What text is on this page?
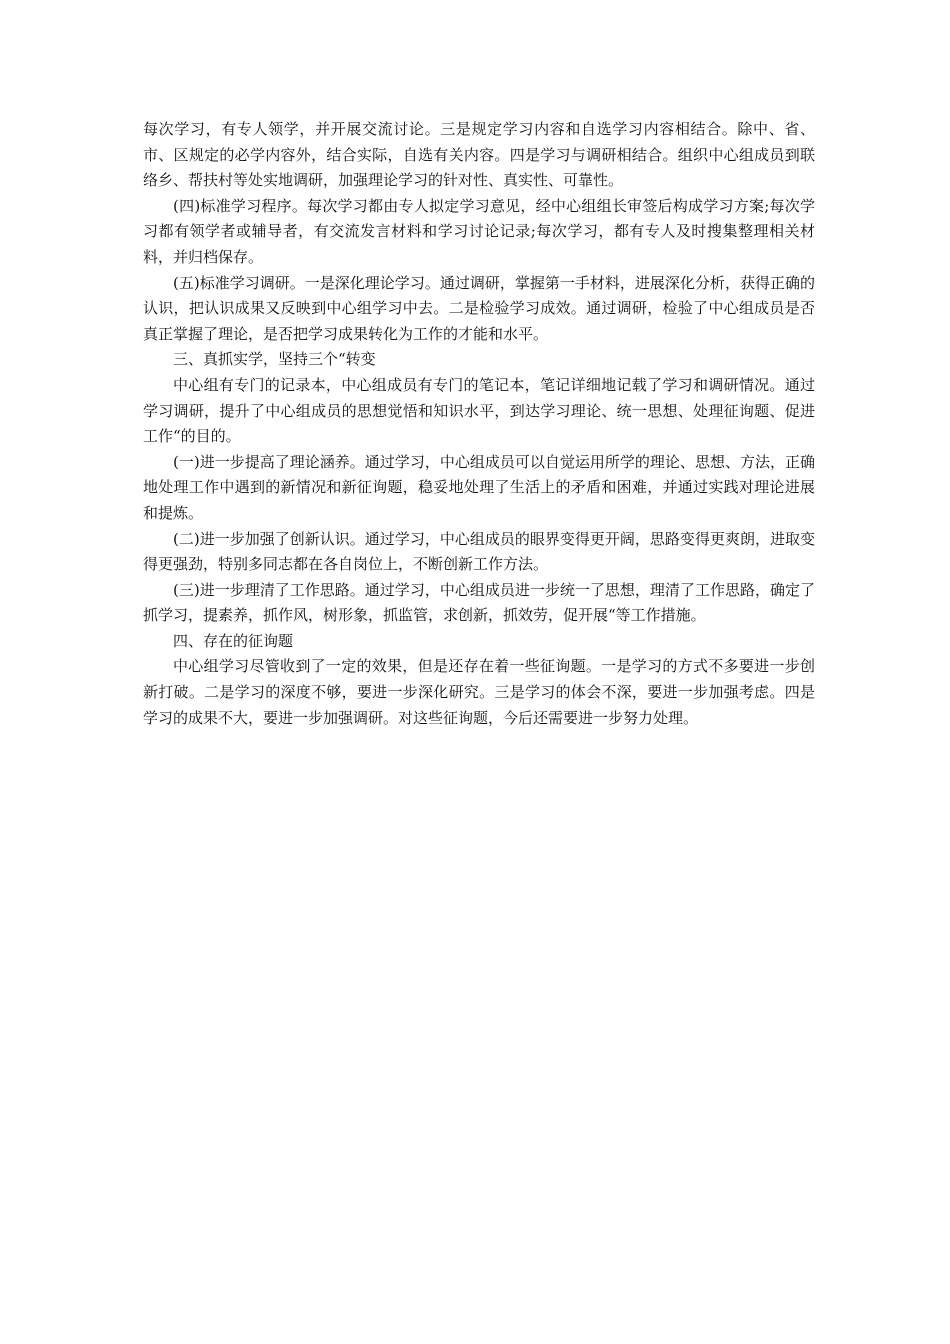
每次学习，有专人领学，并开展交流讨论。三是规定学习内容和自选学习内容相结合。除中、省、市、区规定的必学内容外，结合实际，自选有关内容。四是学习与调研相结合。组织中心组成员到联络乡、帮扶村等处实地调研，加强理论学习的针对性、真实性、可靠性。

(四)标准学习程序。每次学习都由专人拟定学习意见，经中心组组长审签后构成学习方案;每次学习都有领学者或辅导者，有交流发言材料和学习讨论记录;每次学习，都有专人及时搜集整理相关材料，并归档保存。

(五)标准学习调研。一是深化理论学习。通过调研，掌握第一手材料，进展深化分析，获得正确的认识，把认识成果又反映到中心组学习中去。二是检验学习成效。通过调研，检验了中心组成员是否真正掌握了理论，是否把学习成果转化为工作的才能和水平。

三、真抓实学，坚持三个“转变

中心组有专门的记录本，中心组成员有专门的笔记本，笔记详细地记载了学习和调研情况。通过学习调研，提升了中心组成员的思想觉悟和知识水平，到达学习理论、统一思想、处理征询题、促进工作“的目的。

(一)进一步提高了理论涵养。通过学习，中心组成员可以自觉运用所学的理论、思想、方法，正确地处理工作中遇到的新情况和新征询题，稳妥地处理了生活上的矛盾和困难，并通过实践对理论进展和提炼。

(二)进一步加强了创新认识。通过学习，中心组成员的眼界变得更开阔，思路变得更爽朗，进取变得更强劲，特别多同志都在各自岗位上，不断创新工作方法。

(三)进一步理清了工作思路。通过学习，中心组成员进一步统一了思想，理清了工作思路，确定了抓学习，提素养，抓作风，树形象，抓监管，求创新，抓效劳，促开展“等工作措施。

四、存在的征询题

中心组学习尽管收到了一定的效果，但是还存在着一些征询题。一是学习的方式不多要进一步创新打破。二是学习的深度不够，要进一步深化研究。三是学习的体会不深，要进一步加强考虑。四是学习的成果不大，要进一步加强调研。对这些征询题，今后还需要进一步努力处理。
